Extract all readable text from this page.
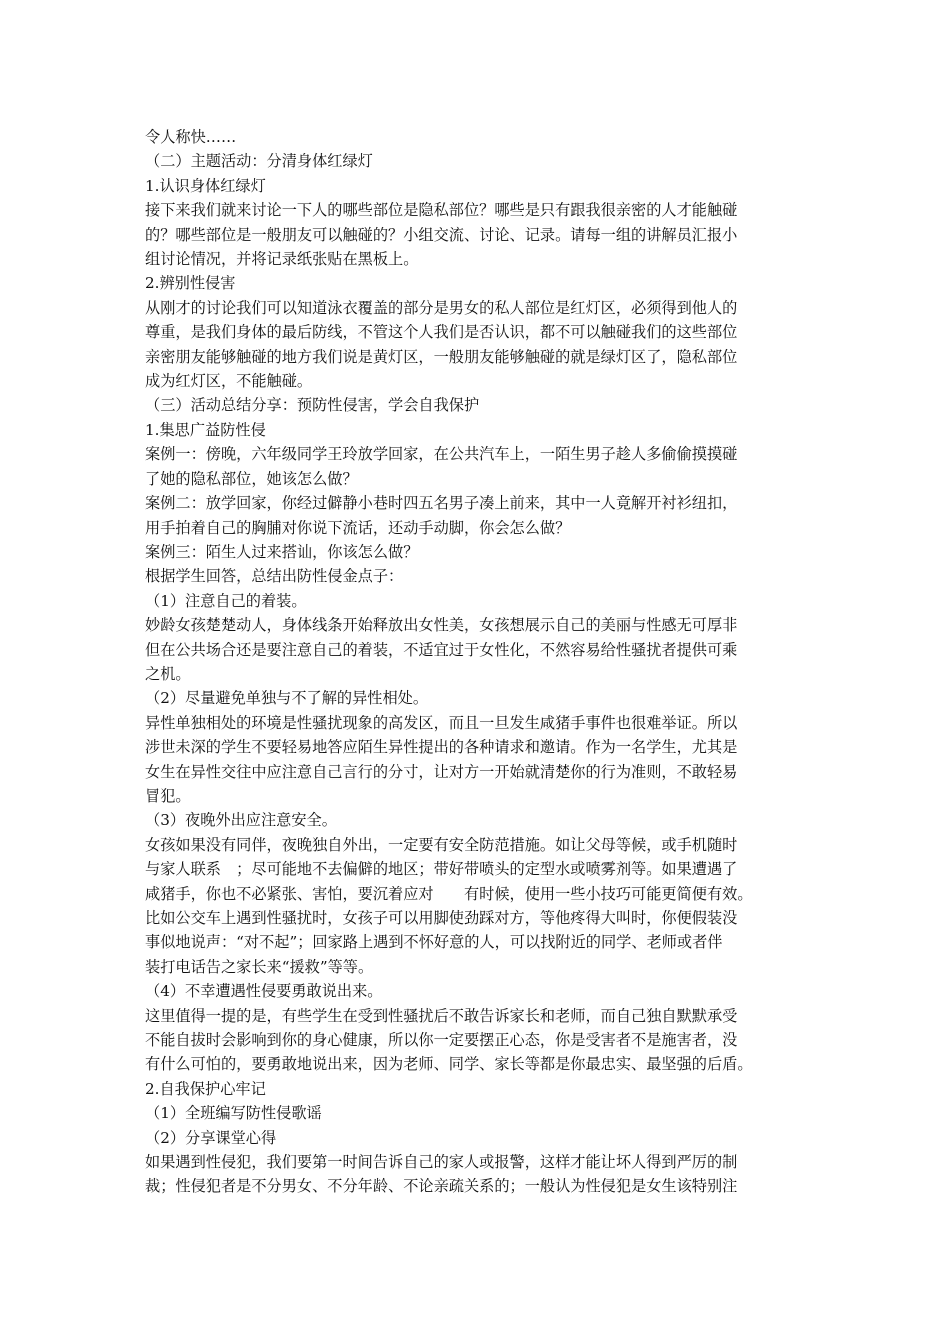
令人称快……

（二）主题活动：分清身体红绿灯

1.认识身体红绿灯

接下来我们就来讨论一下人的哪些部位是隐私部位？哪些是只有跟我很亲密的人才能触碰

的？哪些部位是一般朋友可以触碰的？小组交流、讨论、记录。请每一组的讲解员汇报小

组讨论情况，并将记录纸张贴在黑板上。

2.辨别性侵害

从刚才的讨论我们可以知道泳衣覆盖的部分是男女的私人部位是红灯区，必须得到他人的

尊重，是我们身体的最后防线，不管这个人我们是否认识，都不可以触碰我们的这些部位

亲密朋友能够触碰的地方我们说是黄灯区，一般朋友能够触碰的就是绿灯区了，隐私部位

成为红灯区，不能触碰。

（三）活动总结分享：预防性侵害，学会自我保护

1.集思广益防性侵

案例一：傍晚，六年级同学王玲放学回家，在公共汽车上，一陌生男子趁人多偷偷摸摸碰

了她的隐私部位，她该怎么做？

案例二：放学回家，你经过僻静小巷时四五名男子凑上前来，其中一人竟解开衬衫纽扣，

用手拍着自己的胸脯对你说下流话，还动手动脚，你会怎么做？

案例三：陌生人过来搭讪，你该怎么做？

根据学生回答，总结出防性侵金点子：

（1）注意自己的着装。

妙龄女孩楚楚动人，身体线条开始释放出女性美，女孩想展示自己的美丽与性感无可厚非

但在公共场合还是要注意自己的着装，不适宜过于女性化，不然容易给性骚扰者提供可乘

之机。

（2）尽量避免单独与不了解的异性相处。

异性单独相处的环境是性骚扰现象的高发区，而且一旦发生咸猪手事件也很难举证。所以

涉世未深的学生不要轻易地答应陌生异性提出的各种请求和邀请。作为一名学生，尤其是

女生在异性交往中应注意自己言行的分寸，让对方一开始就清楚你的行为准则，不敢轻易

冒犯。

（3）夜晚外出应注意安全。

女孩如果没有同伴，夜晚独自外出，一定要有安全防范措施。如让父母等候，或手机随时

与家人联系　；尽可能地不去偏僻的地区；带好带喷头的定型水或喷雾剂等。如果遭遇了

咸猪手，你也不必紧张、害怕，要沉着应对　　有时候，使用一些小技巧可能更简便有效。

比如公交车上遇到性骚扰时，女孩子可以用脚使劲踩对方，等他疼得大叫时，你便假装没

事似地说声：“对不起”；回家路上遇到不怀好意的人，可以找附近的同学、老师或者伴

装打电话告之家长来“援救”等等。

（4）不幸遭遇性侵要勇敢说出来。

这里值得一提的是，有些学生在受到性骚扰后不敢告诉家长和老师，而自己独自默默承受

不能自拔时会影响到你的身心健康，所以你一定要摆正心态，你是受害者不是施害者，没

有什么可怕的，要勇敢地说出来，因为老师、同学、家长等都是你最忠实、最坚强的后盾。

2.自我保护心牢记

（1）全班编写防性侵歌谣

（2）分享课堂心得

如果遇到性侵犯，我们要第一时间告诉自己的家人或报警，这样才能让坏人得到严厉的制

裁；性侵犯者是不分男女、不分年龄、不论亲疏关系的；一般认为性侵犯是女生该特别注
